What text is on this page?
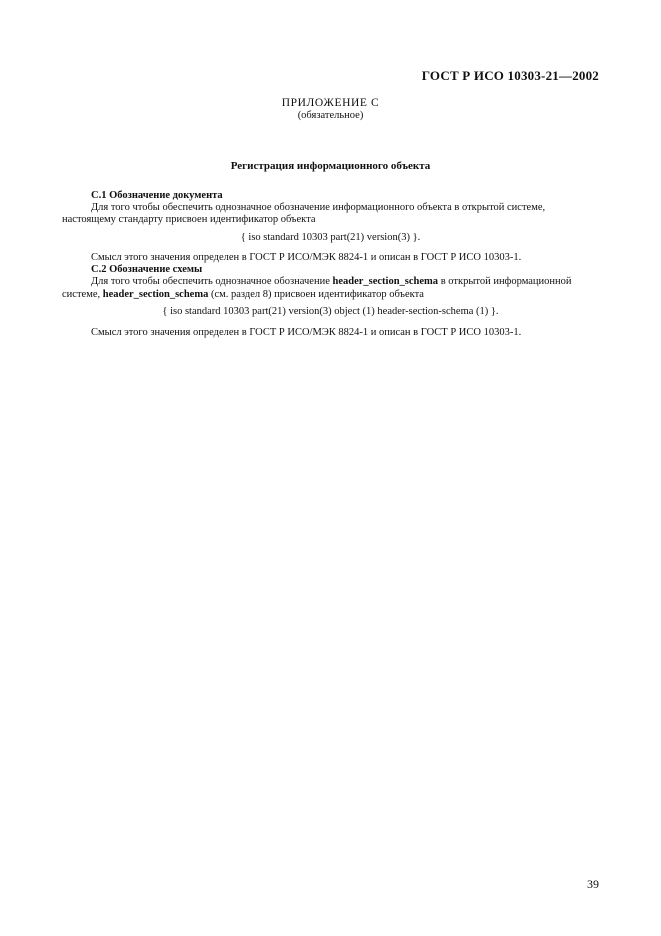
ГОСТ Р ИСО 10303-21—2002
ПРИЛОЖЕНИЕ С
(обязательное)
Регистрация информационного объекта
С.1 Обозначение документа
Для того чтобы обеспечить однозначное обозначение информационного объекта в открытой системе,
настоящему стандарту присвоен идентификатор объекта
{ iso standard 10303 part(21) version(3) }.
Смысл этого значения определен в ГОСТ Р ИСО/МЭК 8824-1 и описан в ГОСТ Р ИСО 10303-1.
С.2 Обозначение схемы
Для того чтобы обеспечить однозначное обозначение header_section_schema в открытой информационной
системе, header_section_schema (см. раздел 8) присвоен идентификатор объекта
{ iso standard 10303 part(21) version(3) object (1) header-section-schema (1) }.
Смысл этого значения определен в ГОСТ Р ИСО/МЭК 8824-1 и описан в ГОСТ Р ИСО 10303-1.
39
